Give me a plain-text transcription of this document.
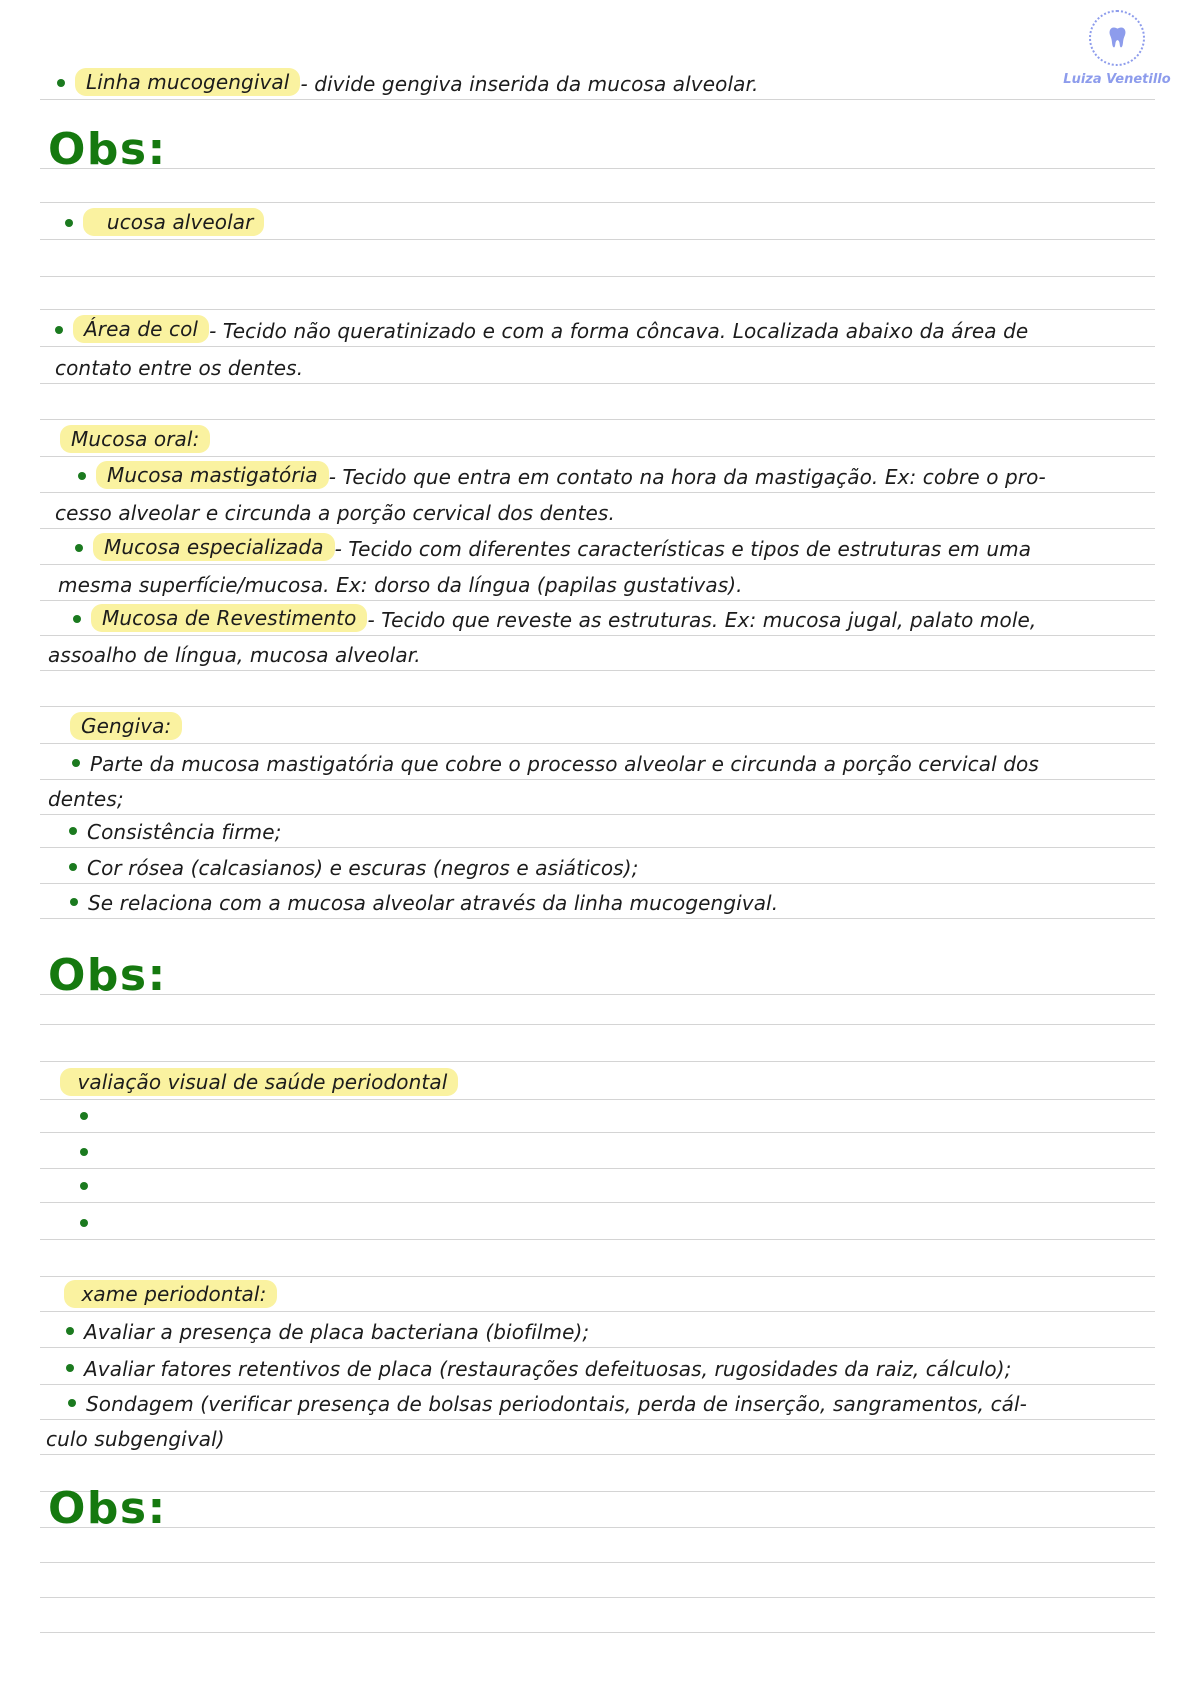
Luiza Venetillo
Linha mucogengival - divide gengiva inserida da mucosa alveolar.
Obs:
ucosa alveolar
Área de col - Tecido não queratinizado e com a forma côncava. Localizada abaixo da área de
contato entre os dentes.
Mucosa oral:
Mucosa mastigatória - Tecido que entra em contato na hora da mastigação. Ex: cobre o pro-
cesso alveolar e circunda a porção cervical dos dentes.
Mucosa especializada - Tecido com diferentes características e tipos de estruturas em uma
mesma superfície/mucosa. Ex: dorso da língua (papilas gustativas).
Mucosa de Revestimento - Tecido que reveste as estruturas. Ex: mucosa jugal, palato mole,
assoalho de língua, mucosa alveolar.
Gengiva:
Parte da mucosa mastigatória que cobre o processo alveolar e circunda a porção cervical dos
dentes;
Consistência firme;
Cor rósea (calcasianos) e escuras (negros e asiáticos);
Se relaciona com a mucosa alveolar através da linha mucogengival.
Obs:
valiação visual de saúde periodontal
xame periodontal:
Avaliar a presença de placa bacteriana (biofilme);
Avaliar fatores retentivos de placa (restaurações defeituosas, rugosidades da raiz, cálculo);
Sondagem (verificar presença de bolsas periodontais, perda de inserção, sangramentos, cál-
culo subgengival)
Obs:
